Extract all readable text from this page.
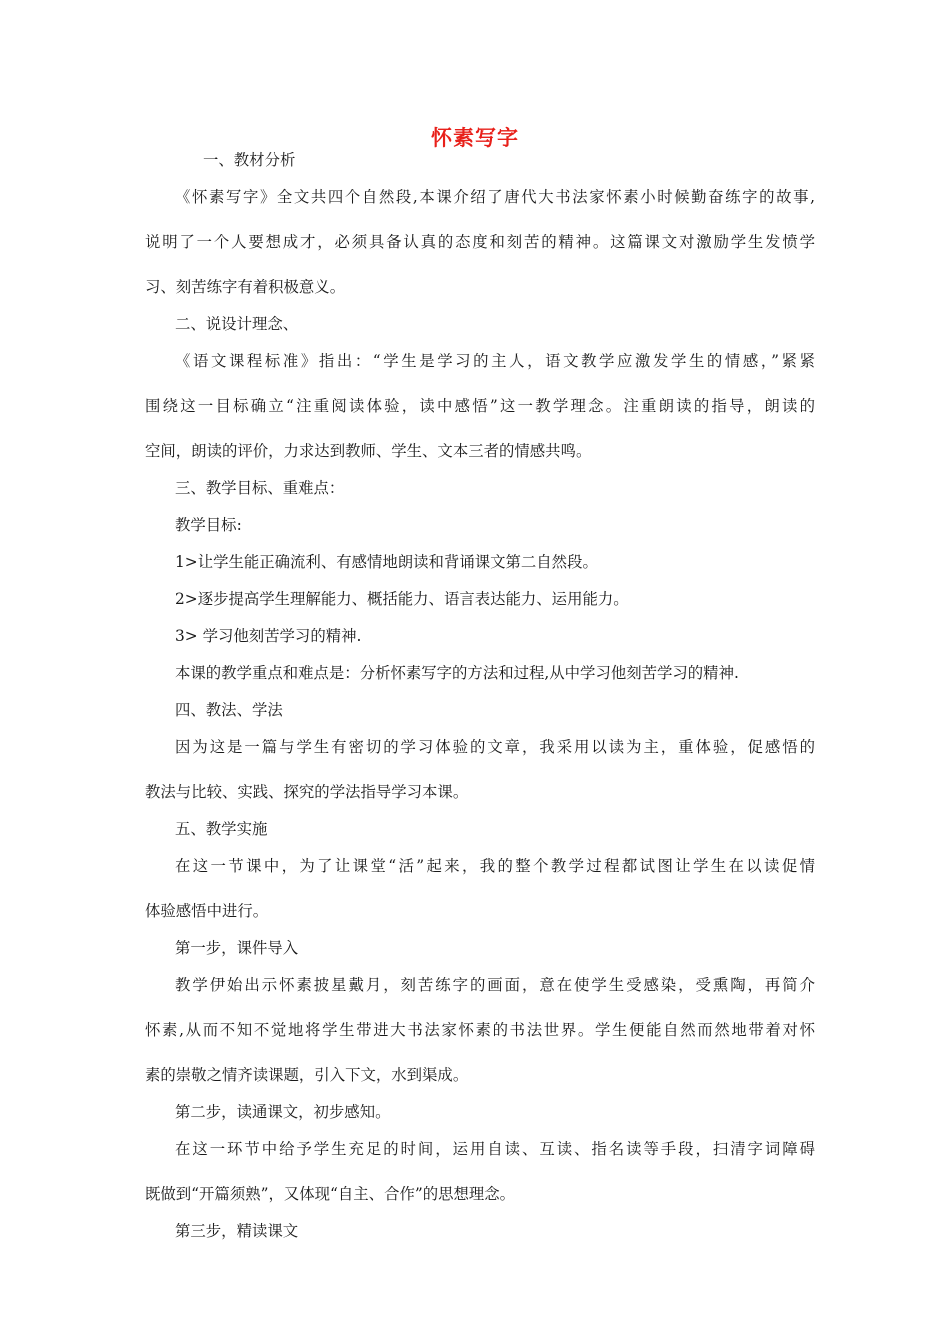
怀素写字
一、教材分析
《怀素写字》全文共四个自然段,本课介绍了唐代大书法家怀素小时候勤奋练字的故事,
说明了一个人要想成才，必须具备认真的态度和刻苦的精神。这篇课文对激励学生发愤学
习、刻苦练字有着积极意义。
二、说设计理念、
《语文课程标准》指出：“学生是学习的主人，语文教学应激发学生的情感，”紧紧
围绕这一目标确立“注重阅读体验，读中感悟”这一教学理念。注重朗读的指导，朗读的
空间，朗读的评价，力求达到教师、学生、文本三者的情感共鸣。
三、教学目标、重难点：
教学目标:
1>让学生能正确流利、有感情地朗读和背诵课文第二自然段。
2>逐步提高学生理解能力、概括能力、语言表达能力、运用能力。
3> 学习他刻苦学习的精神.
本课的教学重点和难点是：分析怀素写字的方法和过程,从中学习他刻苦学习的精神.
四、教法、学法
因为这是一篇与学生有密切的学习体验的文章，我采用以读为主，重体验，促感悟的
教法与比较、实践、探究的学法指导学习本课。
五、教学实施
在这一节课中，为了让课堂“活”起来，我的整个教学过程都试图让学生在以读促情
体验感悟中进行。
第一步，课件导入
教学伊始出示怀素披星戴月，刻苦练字的画面，意在使学生受感染，受熏陶，再简介
怀素,从而不知不觉地将学生带进大书法家怀素的书法世界。学生便能自然而然地带着对怀
素的崇敬之情齐读课题，引入下文，水到渠成。
第二步，读通课文，初步感知。
在这一环节中给予学生充足的时间，运用自读、互读、指名读等手段，扫清字词障碍
既做到“开篇须熟”，又体现“自主、合作”的思想理念。
第三步，精读课文
